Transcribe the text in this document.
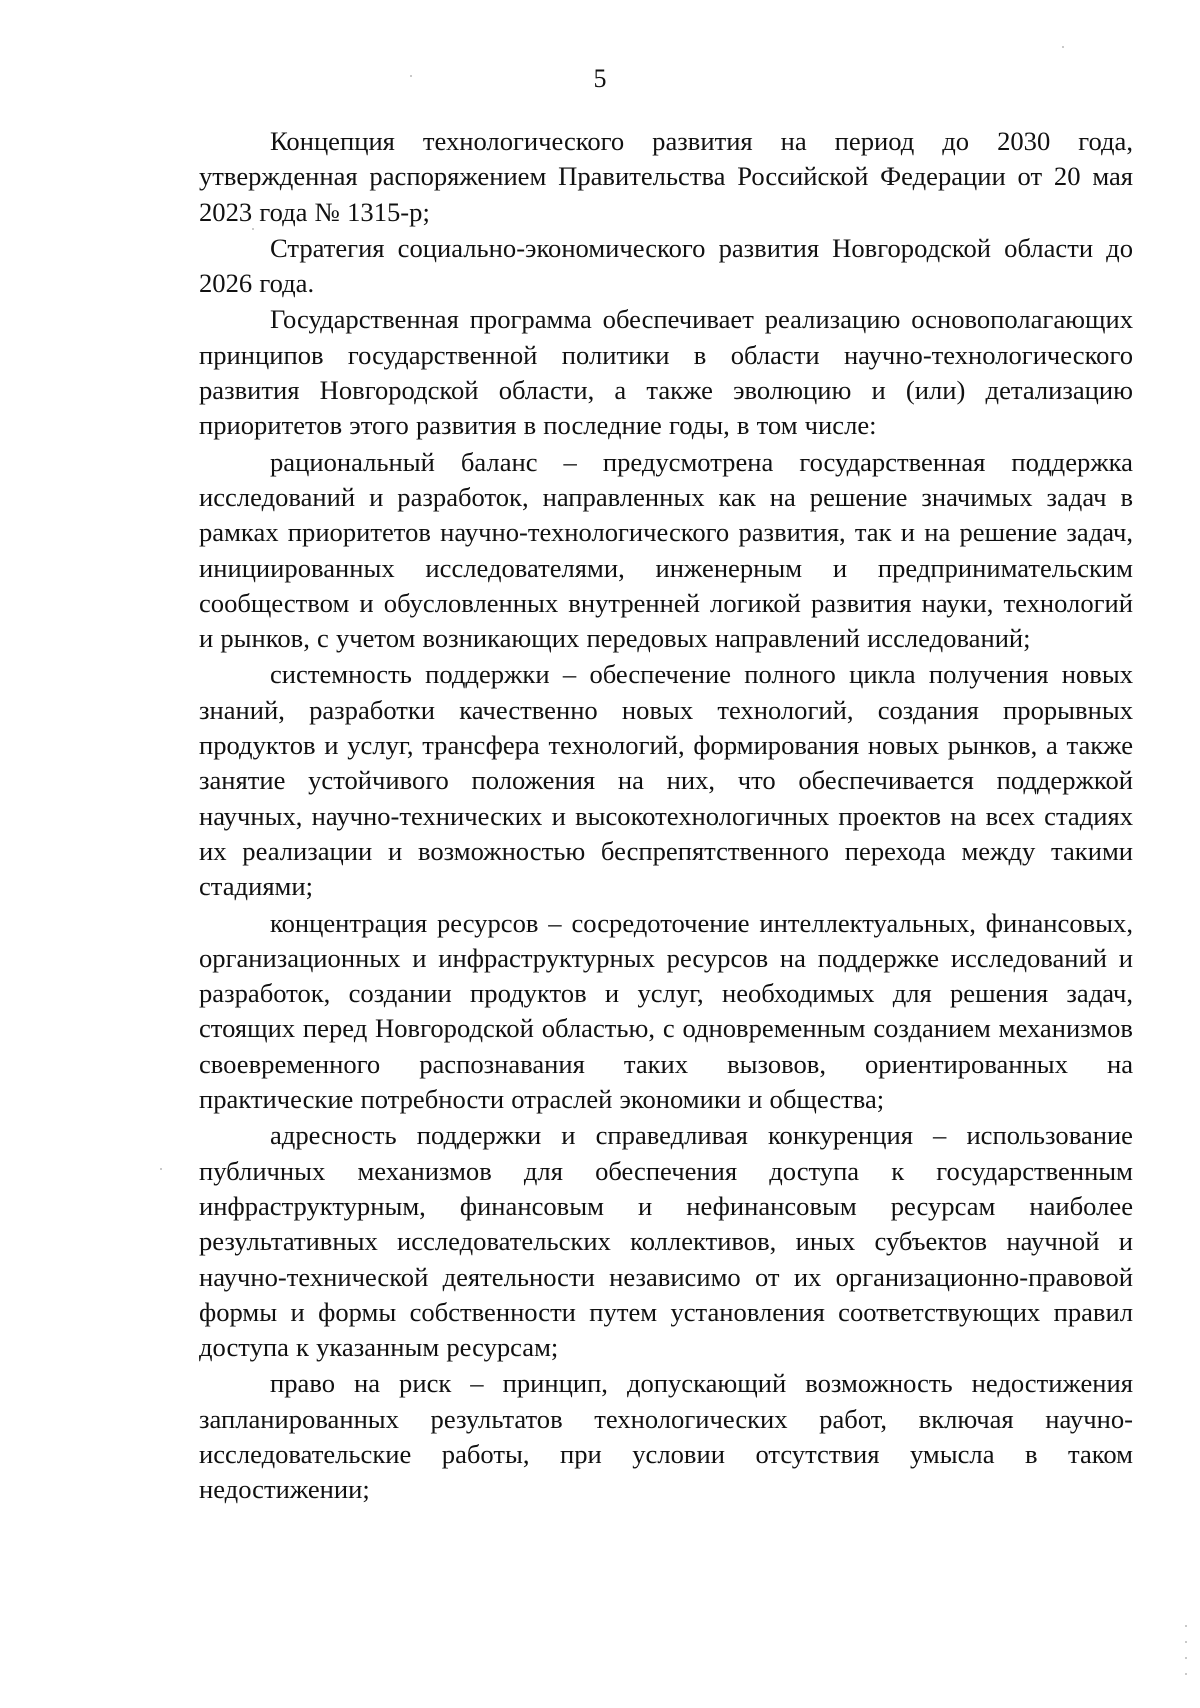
5

Концепция технологического развития на период до 2030 года, утвержденная распоряжением Правительства Российской Федерации от 20 мая 2023 года № 1315-р;

Стратегия социально-экономического развития Новгородской области до 2026 года.

Государственная программа обеспечивает реализацию основополагающих принципов государственной политики в области научно-технологического развития Новгородской области, а также эволюцию и (или) детализацию приоритетов этого развития в последние годы, в том числе:

рациональный баланс – предусмотрена государственная поддержка исследований и разработок, направленных как на решение значимых задач в рамках приоритетов научно-технологического развития, так и на решение задач, инициированных исследователями, инженерным и предпринимательским сообществом и обусловленных внутренней логикой развития науки, технологий и рынков, с учетом возникающих передовых направлений исследований;

системность поддержки – обеспечение полного цикла получения новых знаний, разработки качественно новых технологий, создания прорывных продуктов и услуг, трансфера технологий, формирования новых рынков, а также занятие устойчивого положения на них, что обеспечивается поддержкой научных, научно-технических и высокотехнологичных проектов на всех стадиях их реализации и возможностью беспрепятственного перехода между такими стадиями;

концентрация ресурсов – сосредоточение интеллектуальных, финансовых, организационных и инфраструктурных ресурсов на поддержке исследований и разработок, создании продуктов и услуг, необходимых для решения задач, стоящих перед Новгородской областью, с одновременным созданием механизмов своевременного распознавания таких вызовов, ориентированных на практические потребности отраслей экономики и общества;

адресность поддержки и справедливая конкуренция – использование публичных механизмов для обеспечения доступа к государственным инфраструктурным, финансовым и нефинансовым ресурсам наиболее результативных исследовательских коллективов, иных субъектов научной и научно-технической деятельности независимо от их организационно-правовой формы и формы собственности путем установления соответствующих правил доступа к указанным ресурсам;

право на риск – принцип, допускающий возможность недостижения запланированных результатов технологических работ, включая научно-исследовательские работы, при условии отсутствия умысла в таком недостижении;
